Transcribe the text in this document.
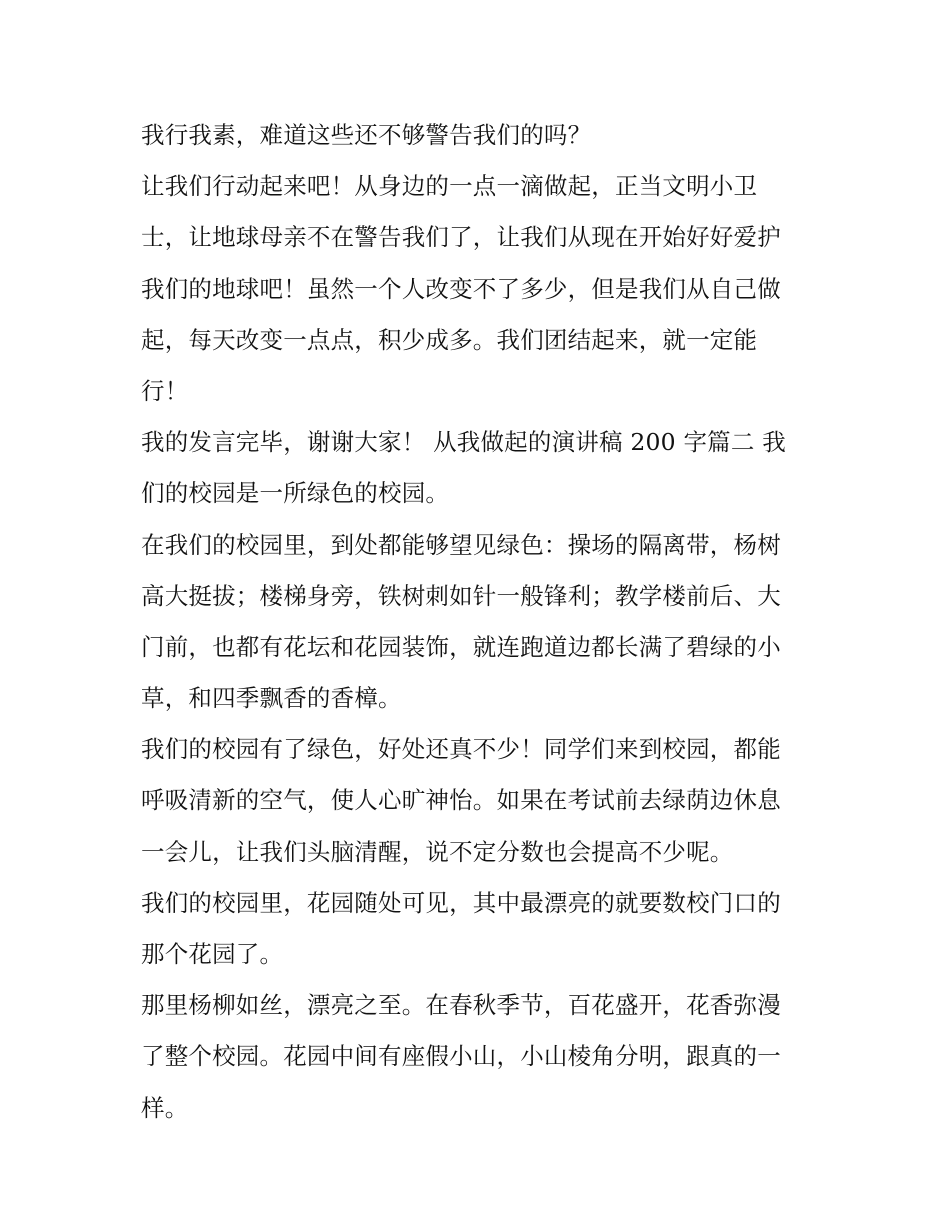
我行我素，难道这些还不够警告我们的吗？
让我们行动起来吧！从身边的一点一滴做起，正当文明小卫
士，让地球母亲不在警告我们了，让我们从现在开始好好爱护
我们的地球吧！虽然一个人改变不了多少，但是我们从自己做
起，每天改变一点点，积少成多。我们团结起来，就一定能
行！
我的发言完毕，谢谢大家！ 从我做起的演讲稿 200 字篇二 我
们的校园是一所绿色的校园。
在我们的校园里，到处都能够望见绿色：操场的隔离带，杨树
高大挺拔；楼梯身旁，铁树刺如针一般锋利；教学楼前后、大
门前，也都有花坛和花园装饰，就连跑道边都长满了碧绿的小
草，和四季飘香的香樟。
我们的校园有了绿色，好处还真不少！同学们来到校园，都能
呼吸清新的空气，使人心旷神怡。如果在考试前去绿荫边休息
一会儿，让我们头脑清醒，说不定分数也会提高不少呢。
我们的校园里，花园随处可见，其中最漂亮的就要数校门口的
那个花园了。
那里杨柳如丝，漂亮之至。在春秋季节，百花盛开，花香弥漫
了整个校园。花园中间有座假小山，小山棱角分明，跟真的一
样。
